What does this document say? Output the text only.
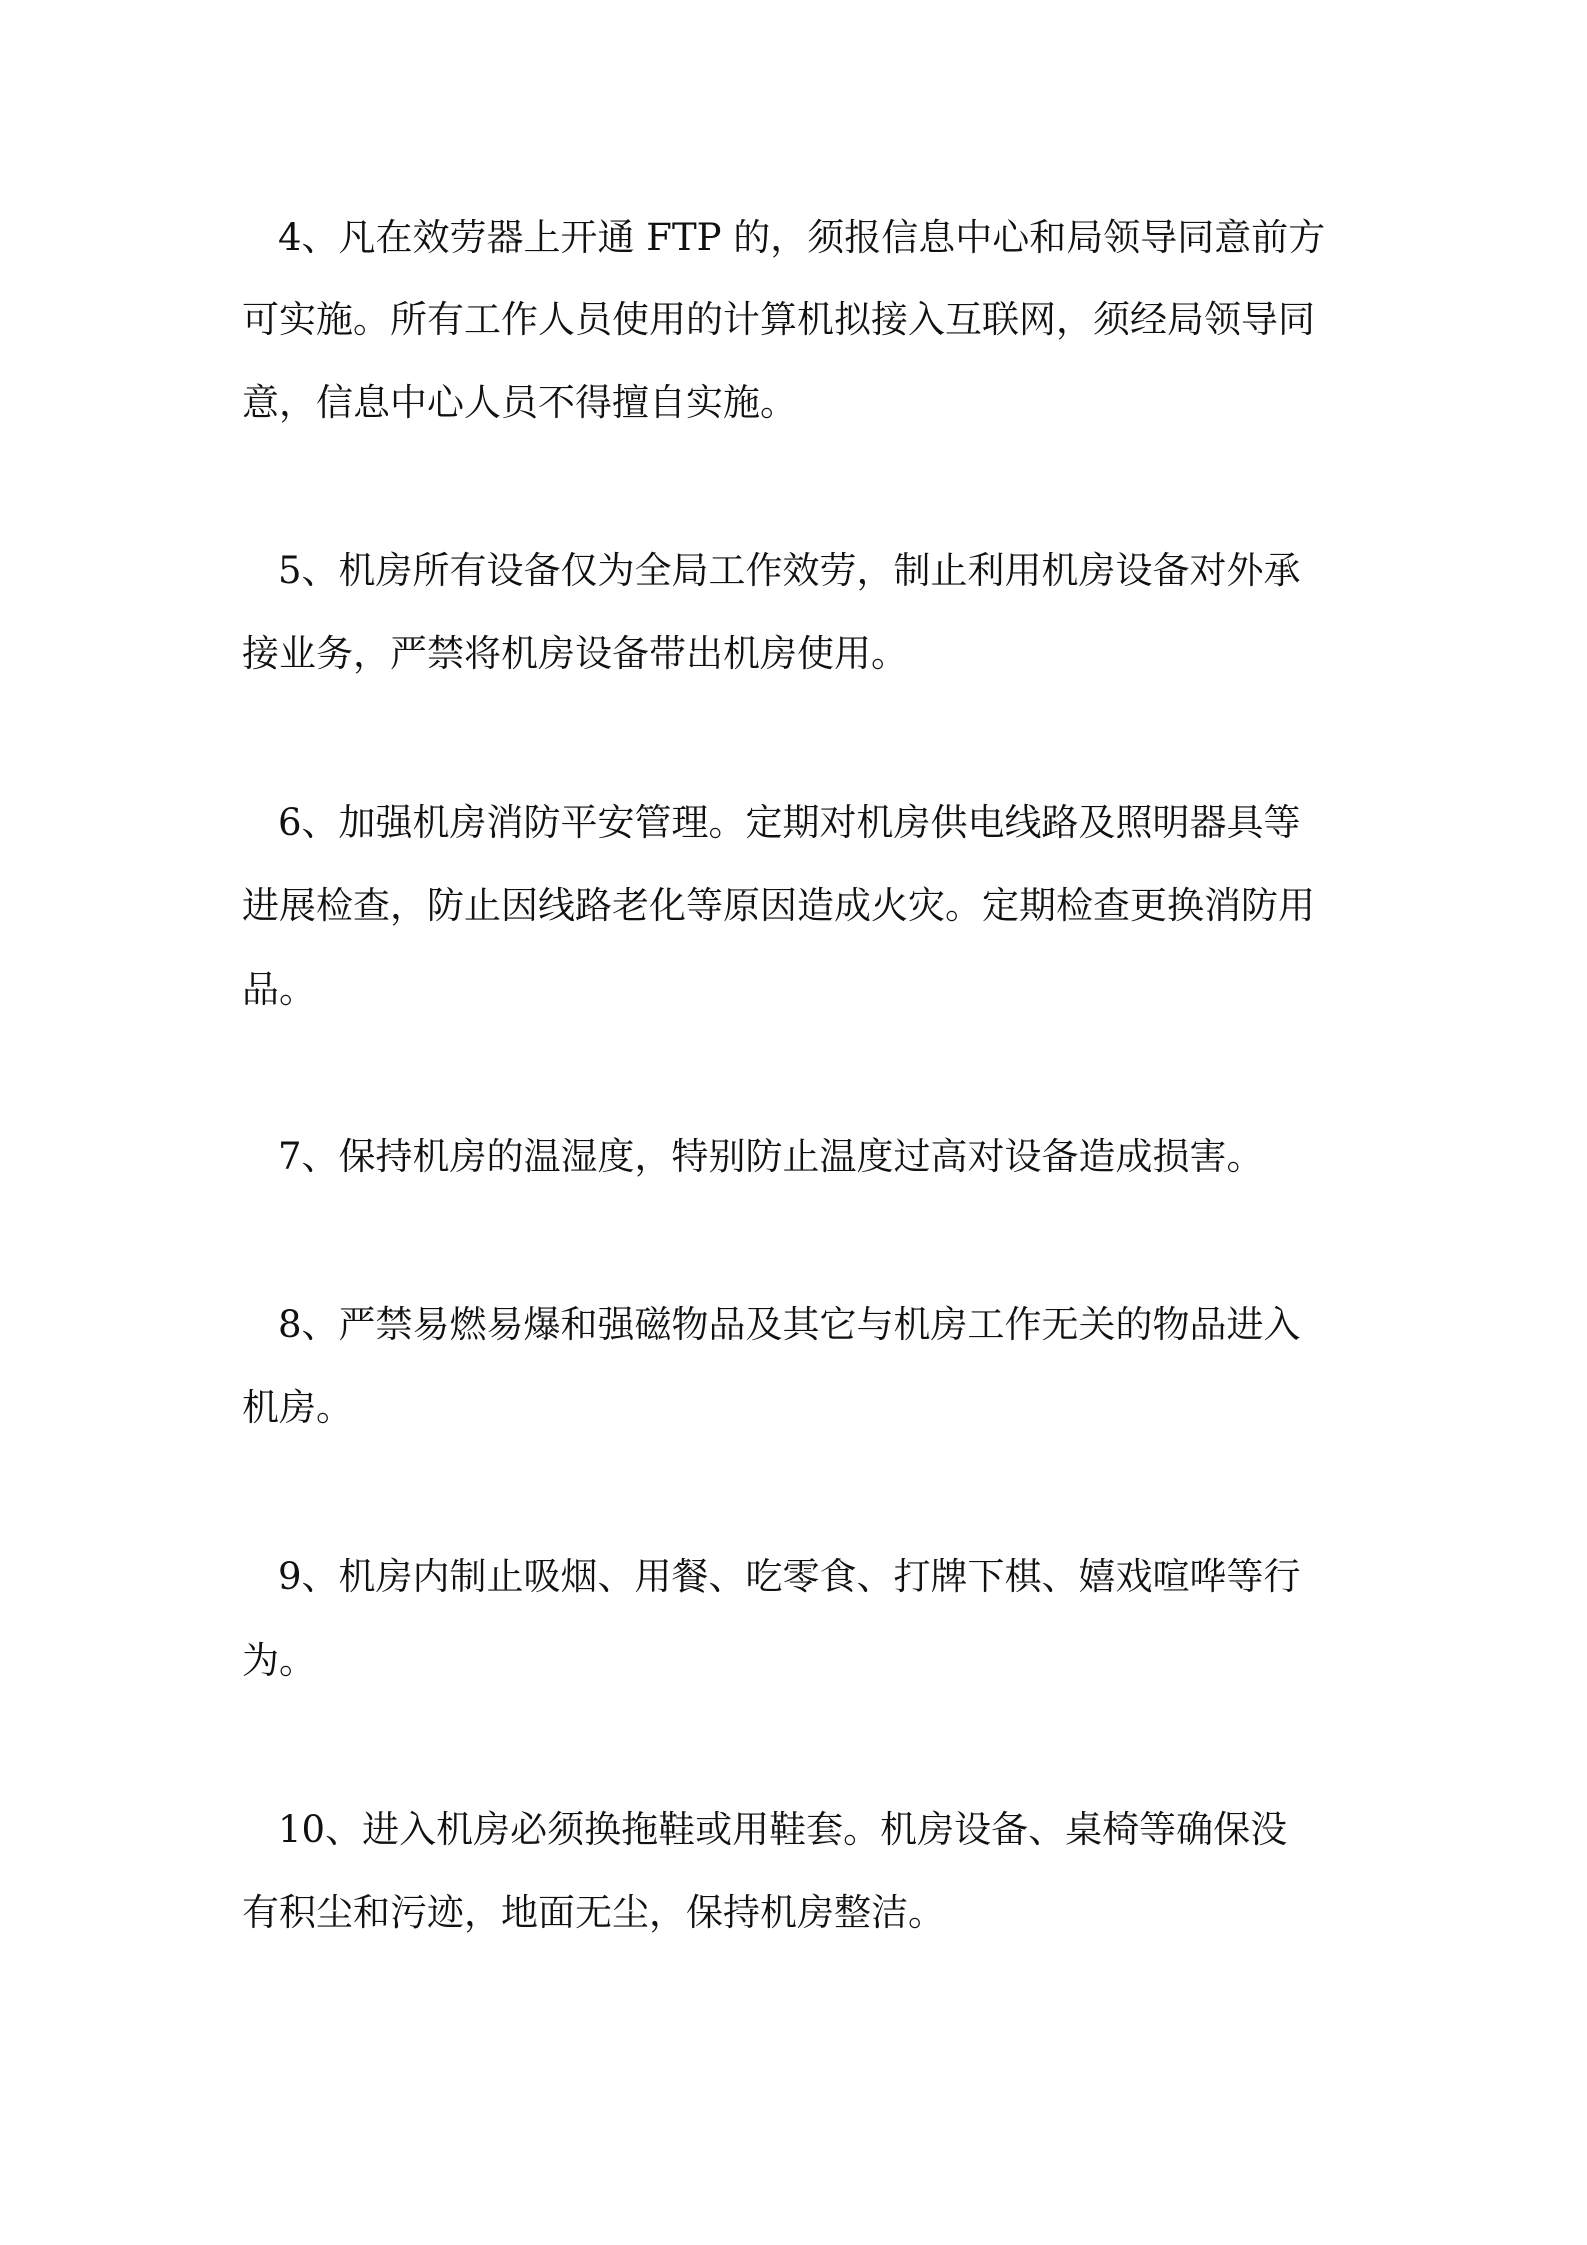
4、凡在效劳器上开通 FTP 的，须报信息中心和局领导同意前方
可实施。所有工作人员使用的计算机拟接入互联网，须经局领导同
意，信息中心人员不得擅自实施。
5、机房所有设备仅为全局工作效劳，制止利用机房设备对外承
接业务，严禁将机房设备带出机房使用。
6、加强机房消防平安管理。定期对机房供电线路及照明器具等
进展检查，防止因线路老化等原因造成火灾。定期检查更换消防用
品。
7、保持机房的温湿度，特别防止温度过高对设备造成损害。
8、严禁易燃易爆和强磁物品及其它与机房工作无关的物品进入
机房。
9、机房内制止吸烟、用餐、吃零食、打牌下棋、嬉戏喧哗等行
为。
10、进入机房必须换拖鞋或用鞋套。机房设备、桌椅等确保没
有积尘和污迹，地面无尘，保持机房整洁。
